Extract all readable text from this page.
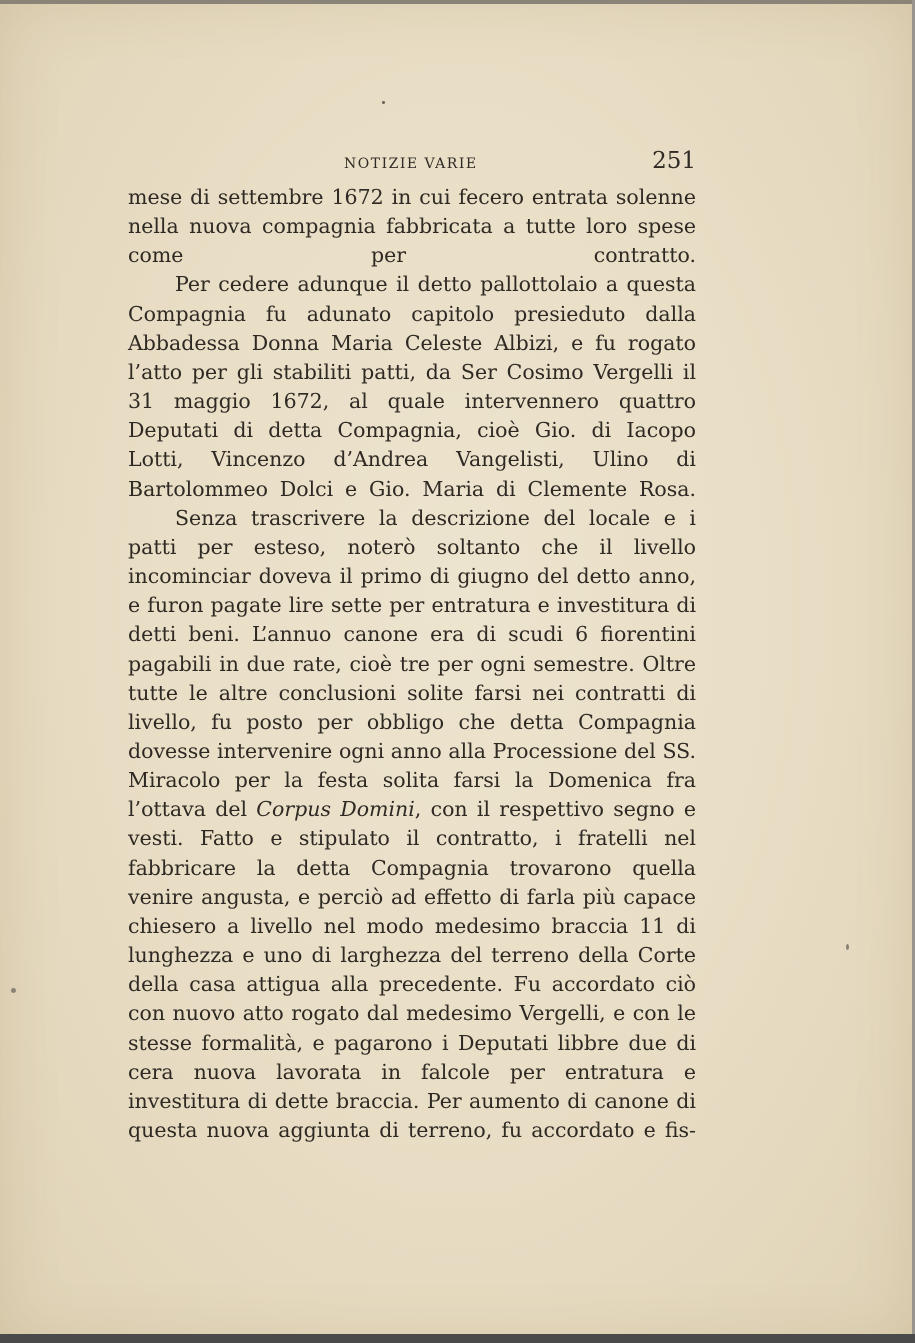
NOTIZIE VARIE	251

mese di settembre 1672 in cui fecero entrata solenne nella nuova compagnia fabbricata a tutte loro spese come per contratto.

Per cedere adunque il detto pallottolaio a questa Compagnia fu adunato capitolo presieduto dalla Abbadessa Donna Maria Celeste Albizi, e fu rogato l’atto per gli stabiliti patti, da Ser Cosimo Vergelli il 31 maggio 1672, al quale intervennero quattro Deputati di detta Compagnia, cioè Gio. di Iacopo Lotti, Vincenzo d’Andrea Vangelisti, Ulino di Bartolommeo Dolci e Gio. Maria di Clemente Rosa.

Senza trascrivere la descrizione del locale e i patti per esteso, noterò soltanto che il livello incominciar doveva il primo di giugno del detto anno, e furon pagate lire sette per entratura e investitura di detti beni. L’annuo canone era di scudi 6 fiorentini pagabili in due rate, cioè tre per ogni semestre. Oltre tutte le altre conclusioni solite farsi nei contratti di livello, fu posto per obbligo che detta Compagnia dovesse intervenire ogni anno alla Processione del SS. Miracolo per la festa solita farsi la Domenica fra l’ottava del Corpus Domini, con il respettivo segno e vesti. Fatto e stipulato il contratto, i fratelli nel fabbricare la detta Compagnia trovarono quella venire angusta, e perciò ad effetto di farla più capace chiesero a livello nel modo medesimo braccia 11 di lunghezza e uno di larghezza del terreno della Corte della casa attigua alla precedente. Fu accordato ciò con nuovo atto rogato dal medesimo Vergelli, e con le stesse formalità, e pagarono i Deputati libbre due di cera nuova lavorata in falcole per entratura e investitura di dette braccia. Per aumento di canone di questa nuova aggiunta di terreno, fu accordato e fis-
